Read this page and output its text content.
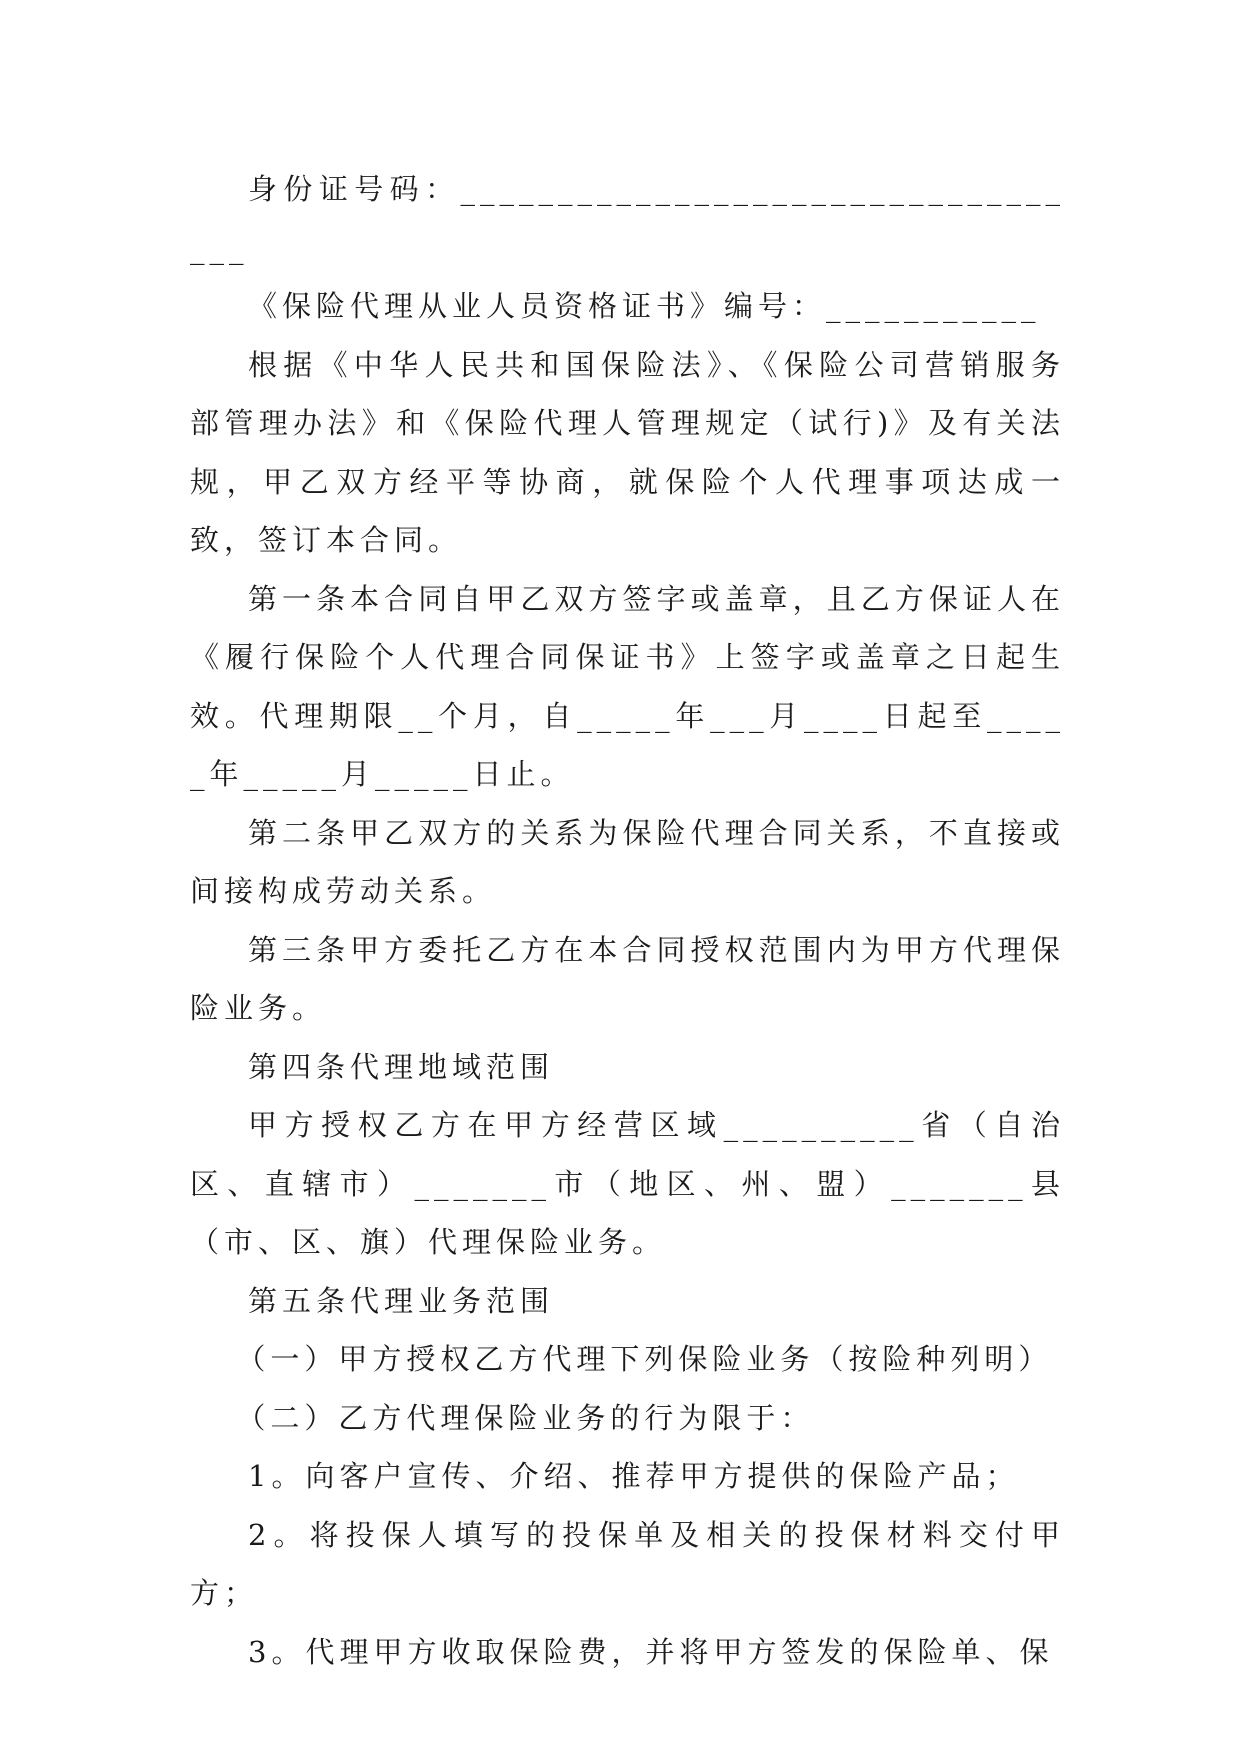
身份证号码：__________________________________

《保险代理从业人员资格证书》编号：___________

根据《中华人民共和国保险法》、《保险公司营销服务部管理办法》和《保险代理人管理规定（试行)》及有关法规，甲乙双方经平等协商，就保险个人代理事项达成一致，签订本合同。

第一条本合同自甲乙双方签字或盖章，且乙方保证人在《履行保险个人代理合同保证书》上签字或盖章之日起生效。代理期限__个月，自_____年___月____日起至_____年_____月_____日止。

第二条甲乙双方的关系为保险代理合同关系，不直接或间接构成劳动关系。

第三条甲方委托乙方在本合同授权范围内为甲方代理保险业务。

第四条代理地域范围

甲方授权乙方在甲方经营区域__________省（自治区、直辖市）_______市（地区、州、盟）_______县（市、区、旗）代理保险业务。

第五条代理业务范围

（一）甲方授权乙方代理下列保险业务（按险种列明）

（二）乙方代理保险业务的行为限于：

1。向客户宣传、介绍、推荐甲方提供的保险产品；

2。将投保人填写的投保单及相关的投保材料交付甲方；

3。代理甲方收取保险费，并将甲方签发的保险单、保
